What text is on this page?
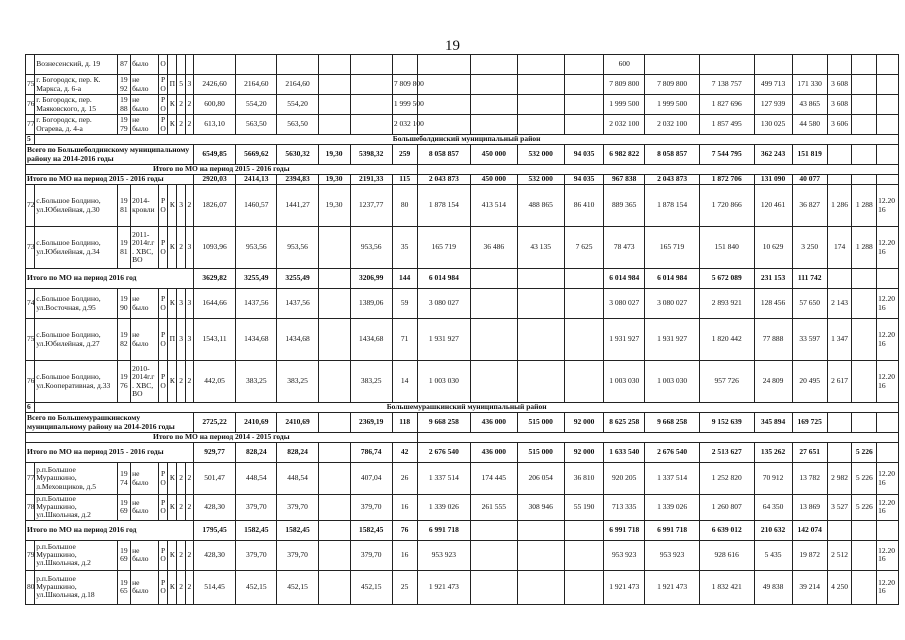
19
	Вознесенский, д. 19	87	было	О														600							
75	г. Богородск, пер. К. Маркса, д. 6-а	19 92	не было	Р О	П	5	3	2426,60	2164,60	2164,60			7 809 800					7 809 800	7 809 800	7 138 757	499 713	171 330	3 608		
76	г. Богородск, пер. Маяковского, д. 15	19 88	не было	Р О	К	2	2	600,80	554,20	554,20			1 999 500					1 999 500	1 999 500	1 827 696	127 939	43 865	3 608		
77	г. Богородск, пер. Огарева, д. 4-а	19 79	не было	Р О	К	2	2	613,10	563,50	563,50			2 032 100					2 032 100	2 032 100	1 857 495	130 025	44 580	3 606		
5	Большеболдинский муниципальный район																								
Всего по Большеболдинскому муниципальному району на 2014-2016 годы								6549,85	5669,62	5630,32	19,30	5398,32	259	8 058 857	450 000	532 000	94 035	6 982 822	8 058 857	7 544 795	362 243	151 819			
Итого по МО на период 2015 - 2016 годы																									
Итого по МО на период 2015 - 2016 годы								2920,03	2414,13	2394,83	19,30	2191,33	115	2 043 873	450 000	532 000	94 035	967 838	2 043 873	1 872 706	131 090	40 077			
72	с.Большое Болдино, ул.Юбилейная, д.30	19 81	2014- кровли	Р О	К	3	2	1826,07	1460,57	1441,27	19,30	1237,77	80	1 878 154	413 514	488 865	86 410	889 365	1 878 154	1 720 866	120 461	36 827	1 286	1 288	12.20 16
73	с.Большое Болдино, ул.Юбилейная, д.34	19 81	2011- 2014г.г . ХВС, ВО	Р О	К	2	3	1093,96	953,56	953,56		953,56	35	165 719	36 486	43 135	7 625	78 473	165 719	151 840	10 629	3 250	174	1 288	12.20 16
Итого по МО на период 2016 год								3629,82	3255,49	3255,49		3206,99	144	6 014 984				6 014 984	6 014 984	5 672 089	231 153	111 742			
74	с.Большое Болдино, ул.Восточная, д.95	19 90	не было	Р О	К	3	3	1644,66	1437,56	1437,56		1389,06	59	3 080 027				3 080 027	3 080 027	2 893 921	128 456	57 650	2 143		12.20 16
75	с.Большое Болдино, ул.Юбилейная, д.27	19 82	не было	Р О	П	3	3	1543,11	1434,68	1434,68		1434,68	71	1 931 927				1 931 927	1 931 927	1 820 442	77 888	33 597	1 347		12.20 16
76	с.Большое Болдино, ул.Кооперативная, д.33	19 76	2010- 2014г.г . ХВС, ВО	Р О	К	2	2	442,05	383,25	383,25		383,25	14	1 003 030				1 003 030	1 003 030	957 726	24 809	20 495	2 617		12.20 16
6	Большемурашкинский муниципальный район																								
Всего по Большемурашкинскому муниципальному району на 2014-2016 годы								2725,22	2410,69	2410,69		2369,19	118	9 668 258	436 000	515 000	92 000	8 625 258	9 668 258	9 152 639	345 894	169 725			
Итого по МО на период 2014 - 2015 годы																									
Итого по МО на период 2015 - 2016 годы								929,77	828,24	828,24		786,74	42	2 676 540	436 000	515 000	92 000	1 633 540	2 676 540	2 513 627	135 262	27 651		5 226	
77	р.п.Большое Мурашкино, л.Меховщиков, д.5	19 74	не было	Р О	К	2	2	501,47	448,54	448,54		407,04	26	1 337 514	174 445	206 054	36 810	920 205	1 337 514	1 252 820	70 912	13 782	2 982	5 226	12.20 16
78	р.п.Большое Мурашкино, ул.Школьная, д.2	19 69	не было	Р О	К	2	2	428,30	379,70	379,70		379,70	16	1 339 026	261 555	308 946	55 190	713 335	1 339 026	1 260 807	64 350	13 869	3 527	5 226	12.20 16
Итого по МО на период 2016 год								1795,45	1582,45	1582,45		1582,45	76	6 991 718				6 991 718	6 991 718	6 639 012	210 632	142 074			
79	р.п.Большое Мурашкино, ул.Школьная, д.2	19 69	не было	Р О	К	2	2	428,30	379,70	379,70		379,70	16	953 923				953 923	953 923	928 616	5 435	19 872	2 512		12.20 16
80	р.п.Большое Мурашкино, ул.Школьная, д.18	19 65	не было	Р О	К	2	2	514,45	452,15	452,15		452,15	25	1 921 473				1 921 473	1 921 473	1 832 421	49 838	39 214	4 250		12.20 16
